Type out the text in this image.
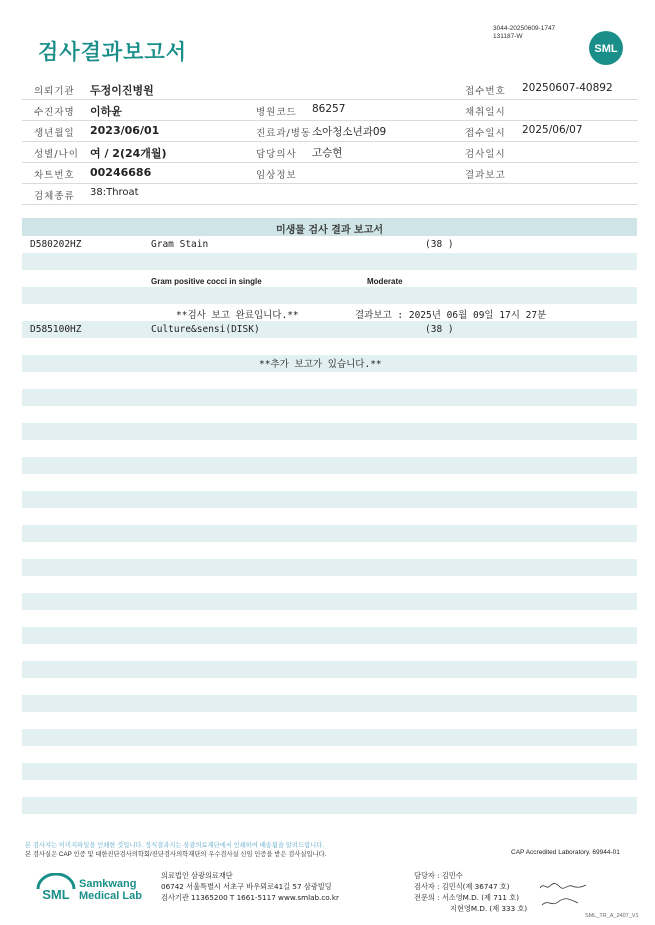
검사결과보고서
3044-20250609-1747
131187-W
SML
의뢰기관 두정이진병원	접수번호 20250607-40892
수진자명 이하윤	병원코드 86257	채취일시
생년월일 2023/06/01	진료과/병동 소아청소년과09	접수일시 2025/06/07
성별/나이 여 / 2(24개월)	담당의사 고승현	검사일시
차트번호 00246686	임상정보	결과보고
검체종류 38:Throat
미생물 검사 결과 보고서
D580202HZ	Gram Stain	(38 )
Gram positive cocci in single	Moderate
**검사 보고 완료입니다.**	결과보고 : 2025년 06월 09일 17시 27분
D585100HZ	Culture&sensi(DISK)	(38 )
**추가 보고가 있습니다.**
본 검사지는 이미지파일을 인쇄한 것입니다. 정식결과지는 삼광의료재단에서 인쇄하여 배송됨을 알려드립니다.
본 검사실은 CAP 인증 및 대한진단검사의학회/진단검사의학재단의 우수검사실 신임 인증을 받은 검사실입니다.	CAP Accredited Laboratory. 69944-01
SML
Samkwang
Medical Lab
의료법인 삼광의료재단
06742 서울특별시 서초구 바우뫼로41길 57 삼광빌딩
검사기관 11365200 T 1661-5117 www.smlab.co.kr
담당자 : 김민수
검사자 : 김민식(제 36747 호)
전문의 : 서소영M.D. (제 711 호)
지현영M.D. (제 333 호)
SML_TR_A_2407_V1
